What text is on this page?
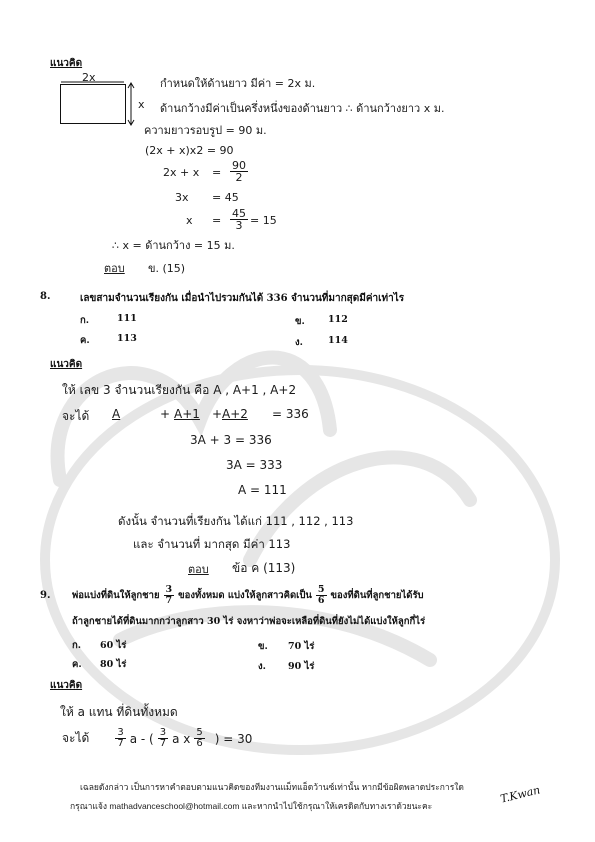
แนวคิด
2x
x
กำหนดให้ด้านยาว มีค่า = 2x ม.
ด้านกว้างมีค่าเป็นครึ่งหนึ่งของด้านยาว ∴ ด้านกว้างยาว x ม.
ความยาวรอบรูป = 90 ม.
(2x + x)x2 = 90
$2x + x = \frac{90}{2}$
3x = 45
$x = \frac{45}{3} = 15$
∴ x = ด้านกว้าง = 15 ม.
ตอบ ข. (15)
8.	เลขสามจำนวนเรียงกัน เมื่อนำไปรวมกันได้ 336 จำนวนที่มากสุดมีค่าเท่าไร
ก.	111	ข. 112
ค.	113	ง.	114
แนวคิด
ให้ เลข 3 จำนวนเรียงกัน คือ A , A+1 , A+2
จะได้ A	+ A+1 + A+2 = 336
3A + 3 = 336
3A = 333
A = 111
ดังนั้น จำนวนที่เรียงกัน ได้แก่ 111 , 112 , 113
และ จำนวนที่ มากสุด มีค่า 113
ตอบ ข้อ ค (113)
9. พ่อแบ่งที่ดินให้ลูกชาย $\frac{3}{7}$ ของทั้งหมด แบ่งให้ลูกสาวคิดเป็น $\frac{5}{6}$ ของที่ดินที่ลูกชายได้รับ
ถ้าลูกชายได้ที่ดินมากกว่าลูกสาว 30 ไร่ จงหาว่าพ่อจะเหลือที่ดินที่ยังไม่ได้แบ่งให้ลูกกี่ไร่
ก. 60 ไร่	ข. 70 ไร่
ค. 80 ไร่	ง. 90 ไร่
แนวคิด
ให้ a แทน ที่ดินทั้งหมด
จะได้	$\frac{3}{7}$ a - ( $\frac{3}{7}$ a x $\frac{5}{6}$ ) = 30
เฉลยดังกล่าว เป็นการหาคำตอบตามแนวคิดของทีมงานแม็ทแอ็ดว้านซ์เท่านั้น หากมีข้อผิดพลาดประการใด
กรุณาแจ้ง mathadvanceschool@hotmail.com และหากนำไปใช้กรุณาให้เครดิตกับทางเราด้วยนะคะ
T.Kwan
